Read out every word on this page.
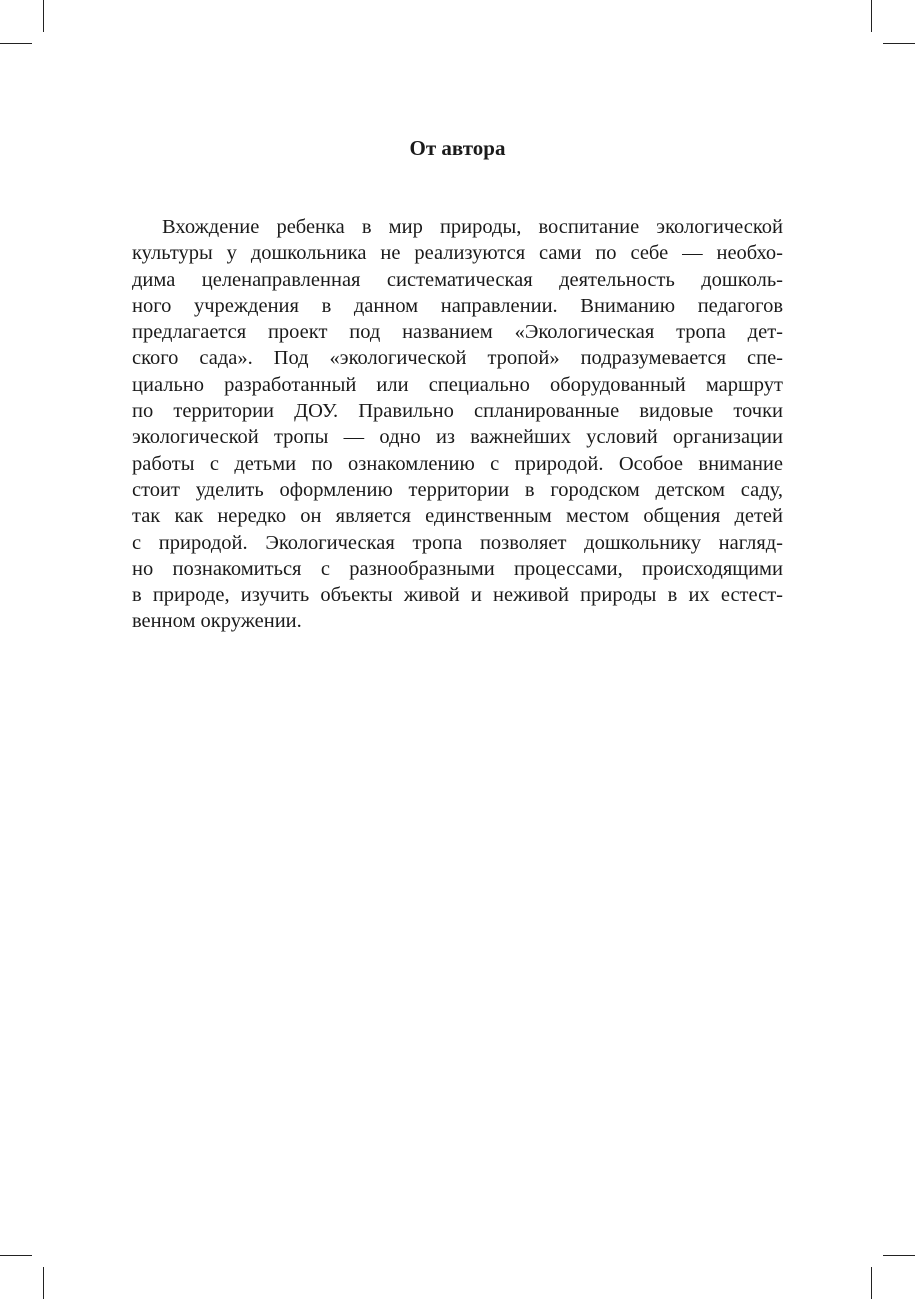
От автора
Вхождение ребенка в мир природы, воспитание экологической
культуры у дошкольника не реализуются сами по себе — необхо-
дима целенаправленная систематическая деятельность дошколь-
ного учреждения в данном направлении. Вниманию педагогов
предлагается проект под названием «Экологическая тропа дет-
ского сада». Под «экологической тропой» подразумевается спе-
циально разработанный или специально оборудованный маршрут
по территории ДОУ. Правильно спланированные видовые точки
экологической тропы — одно из важнейших условий организации
работы с детьми по ознакомлению с природой. Особое внимание
стоит уделить оформлению территории в городском детском саду,
так как нередко он является единственным местом общения детей
с природой. Экологическая тропа позволяет дошкольнику нагляд-
но познакомиться с разнообразными процессами, происходящими
в природе, изучить объекты живой и неживой природы в их естест-
венном окружении.
